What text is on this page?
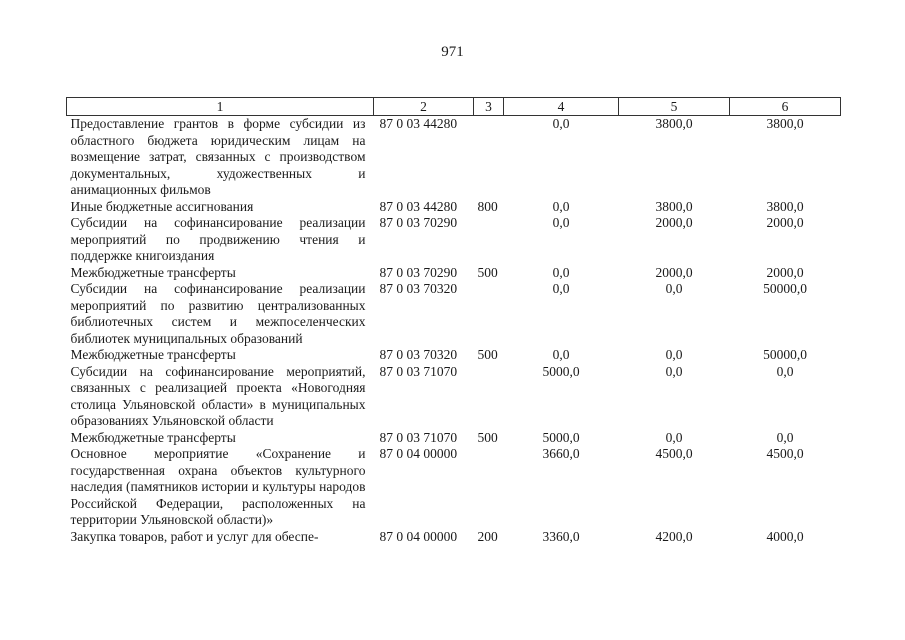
971
1	2	3	4	5	6
Предоставление грантов в форме субсидии из областного бюджета юридическим лицам на возмещение затрат, связанных с производством документальных, художественных и анимационных фильмов	87 0 03 44280		0,0	3800,0	3800,0
Иные бюджетные ассигнования	87 0 03 44280	800	0,0	3800,0	3800,0
Субсидии на софинансирование реализации мероприятий по продвижению чтения и поддержке книгоиздания	87 0 03 70290		0,0	2000,0	2000,0
Межбюджетные трансферты	87 0 03 70290	500	0,0	2000,0	2000,0
Субсидии на софинансирование реализации мероприятий по развитию централизованных библиотечных систем и межпоселенческих библиотек муниципальных образований	87 0 03 70320		0,0	0,0	50000,0
Межбюджетные трансферты	87 0 03 70320	500	0,0	0,0	50000,0
Субсидии на софинансирование мероприятий, связанных с реализацией проекта «Новогодняя столица Ульяновской области» в муниципальных образованиях Ульяновской области	87 0 03 71070		5000,0	0,0	0,0
Межбюджетные трансферты	87 0 03 71070	500	5000,0	0,0	0,0
Основное мероприятие «Сохранение и государственная охрана объектов культурного наследия (памятников истории и культуры народов Российской Федерации, расположенных на территории Ульяновской области)»	87 0 04 00000		3660,0	4500,0	4500,0
Закупка товаров, работ и услуг для обеспе-	87 0 04 00000	200	3360,0	4200,0	4000,0
